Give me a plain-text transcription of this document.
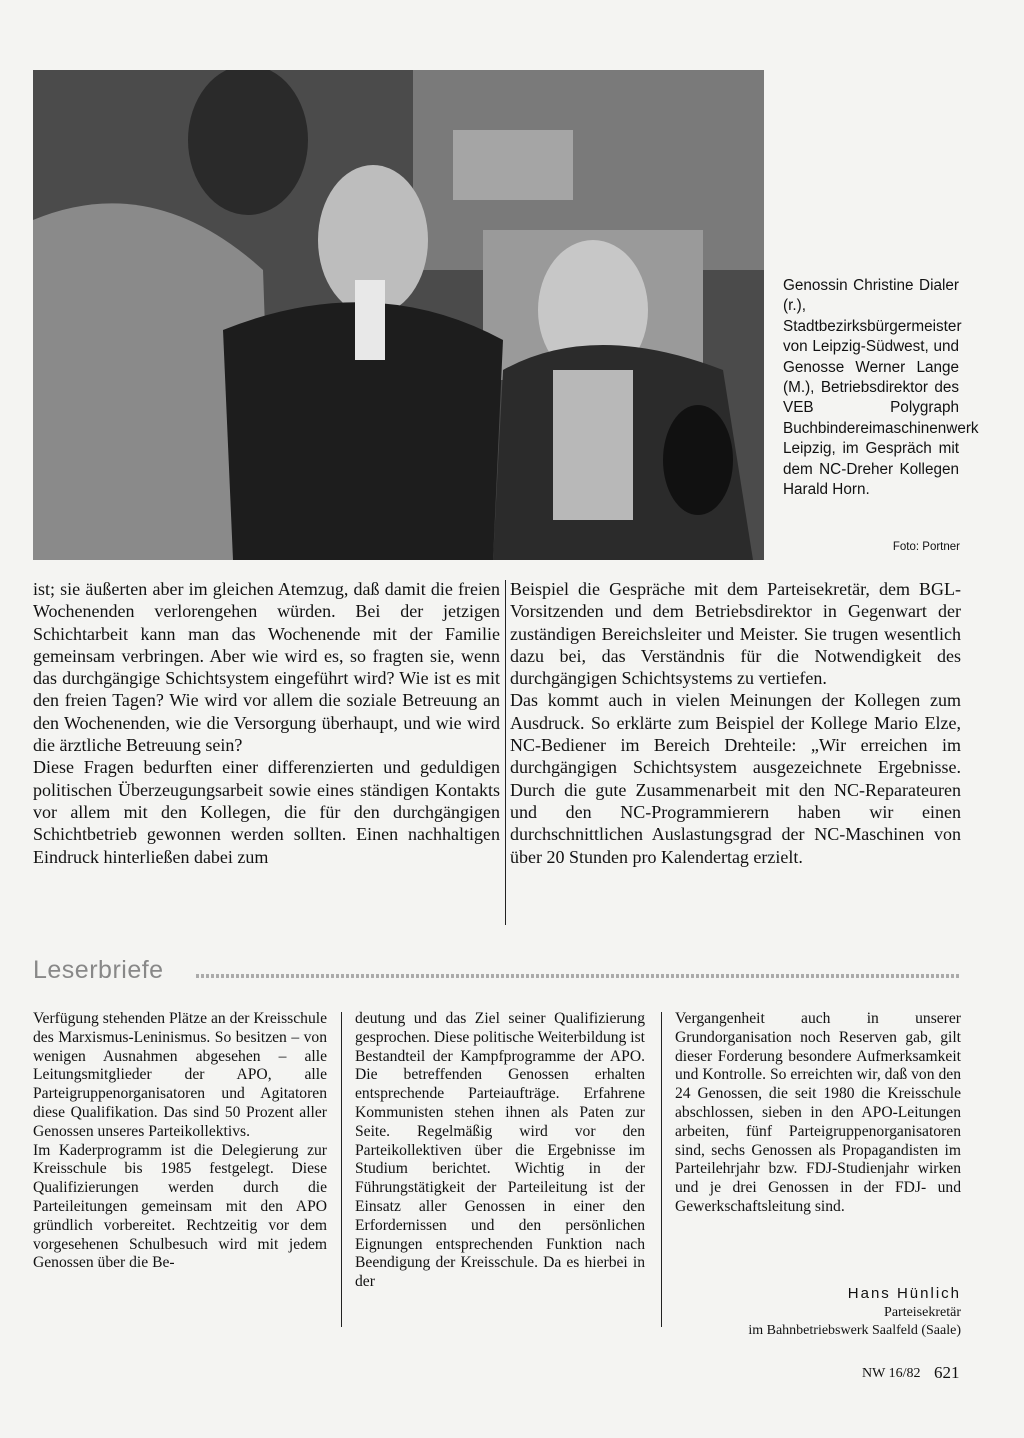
Genossin Christine Dialer (r.), Stadtbezirksbürgermeister von Leipzig-Südwest, und Genosse Werner Lange (M.), Betriebsdirektor des VEB Polygraph Buchbindereimaschinenwerk Leipzig, im Gespräch mit dem NC-Dreher Kollegen Harald Horn.
Foto: Portner

ist; sie äußerten aber im gleichen Atemzug, daß damit die freien Wochenenden verlorengehen würden. Bei der jetzigen Schichtarbeit kann man das Wochenende mit der Familie gemeinsam verbringen. Aber wie wird es, so fragten sie, wenn das durchgängige Schichtsystem eingeführt wird? Wie ist es mit den freien Tagen? Wie wird vor allem die soziale Betreuung an den Wochenenden, wie die Versorgung überhaupt, und wie wird die ärztliche Betreuung sein?

Diese Fragen bedurften einer differenzierten und geduldigen politischen Überzeugungsarbeit sowie eines ständigen Kontakts vor allem mit den Kollegen, die für den durchgängigen Schichtbetrieb gewonnen werden sollten. Einen nachhaltigen Eindruck hinterließen dabei zum

Beispiel die Gespräche mit dem Parteisekretär, dem BGL-Vorsitzenden und dem Betriebsdirektor in Gegenwart der zuständigen Bereichsleiter und Meister. Sie trugen wesentlich dazu bei, das Verständnis für die Notwendigkeit des durchgängigen Schichtsystems zu vertiefen.

Das kommt auch in vielen Meinungen der Kollegen zum Ausdruck. So erklärte zum Beispiel der Kollege Mario Elze, NC-Bediener im Bereich Drehteile: „Wir erreichen im durchgängigen Schichtsystem ausgezeichnete Ergebnisse. Durch die gute Zusammenarbeit mit den NC-Reparateuren und den NC-Programmierern haben wir einen durchschnittlichen Auslastungsgrad der NC-Maschinen von über 20 Stunden pro Kalendertag erzielt.

Leserbriefe

Verfügung stehenden Plätze an der Kreisschule des Marxismus-Leninismus. So besitzen – von wenigen Ausnahmen abgesehen – alle Leitungsmitglieder der APO, alle Parteigruppenorganisatoren und Agitatoren diese Qualifikation. Das sind 50 Prozent aller Genossen unseres Parteikollektivs.

Im Kaderprogramm ist die Delegierung zur Kreisschule bis 1985 festgelegt. Diese Qualifizierungen werden durch die Parteileitungen gemeinsam mit den APO gründlich vorbereitet. Rechtzeitig vor dem vorgesehenen Schulbesuch wird mit jedem Genossen über die Be-

deutung und das Ziel seiner Qualifizierung gesprochen. Diese politische Weiterbildung ist Bestandteil der Kampfprogramme der APO. Die betreffenden Genossen erhalten entsprechende Parteiaufträge. Erfahrene Kommunisten stehen ihnen als Paten zur Seite. Regelmäßig wird vor den Parteikollektiven über die Ergebnisse im Studium berichtet. Wichtig in der Führungstätigkeit der Parteileitung ist der Einsatz aller Genossen in einer den Erfordernissen und den persönlichen Eignungen entsprechenden Funktion nach Beendigung der Kreisschule. Da es hierbei in der

Vergangenheit auch in unserer Grundorganisation noch Reserven gab, gilt dieser Forderung besondere Aufmerksamkeit und Kontrolle. So erreichten wir, daß von den 24 Genossen, die seit 1980 die Kreisschule abschlossen, sieben in den APO-Leitungen arbeiten, fünf Parteigruppenorganisatoren sind, sechs Genossen als Propagandisten im Parteilehrjahr bzw. FDJ-Studienjahr wirken und je drei Genossen in der FDJ- und Gewerkschaftsleitung sind.

Hans Hünlich
Parteisekretär
im Bahnbetriebswerk Saalfeld (Saale)
NW 16/82 621
